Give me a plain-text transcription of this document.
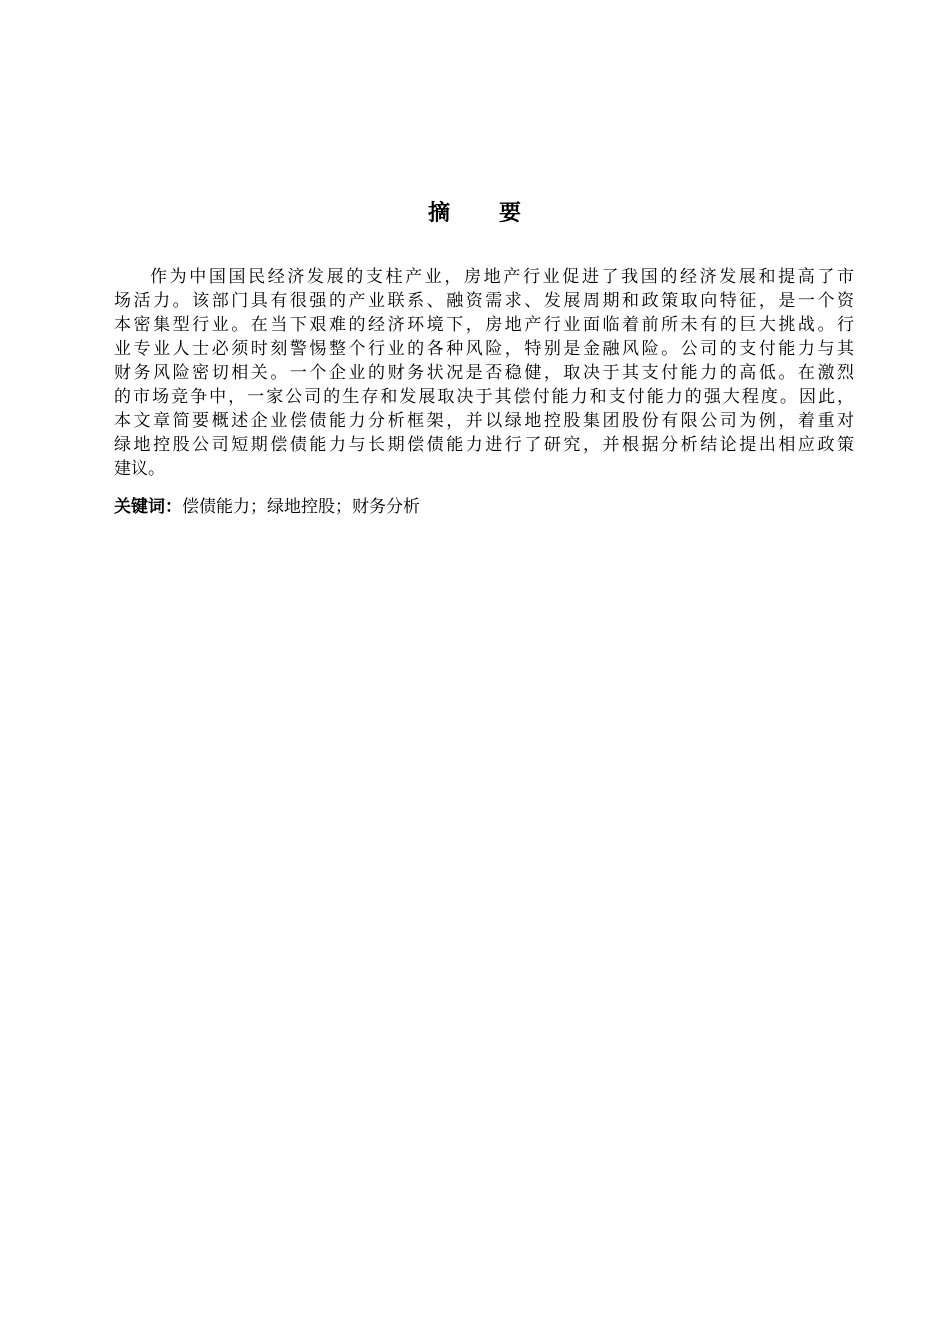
摘 要
作为中国国民经济发展的支柱产业，房地产行业促进了我国的经济发展和提高了市
场活力。该部门具有很强的产业联系、融资需求、发展周期和政策取向特征，是一个资
本密集型行业。在当下艰难的经济环境下，房地产行业面临着前所未有的巨大挑战。行
业专业人士必须时刻警惕整个行业的各种风险，特别是金融风险。公司的支付能力与其
财务风险密切相关。一个企业的财务状况是否稳健，取决于其支付能力的高低。在激烈
的市场竞争中，一家公司的生存和发展取决于其偿付能力和支付能力的强大程度。因此，
本文章简要概述企业偿债能力分析框架，并以绿地控股集团股份有限公司为例，着重对
绿地控股公司短期偿债能力与长期偿债能力进行了研究，并根据分析结论提出相应政策
建议。
关键词：偿债能力；绿地控股；财务分析
